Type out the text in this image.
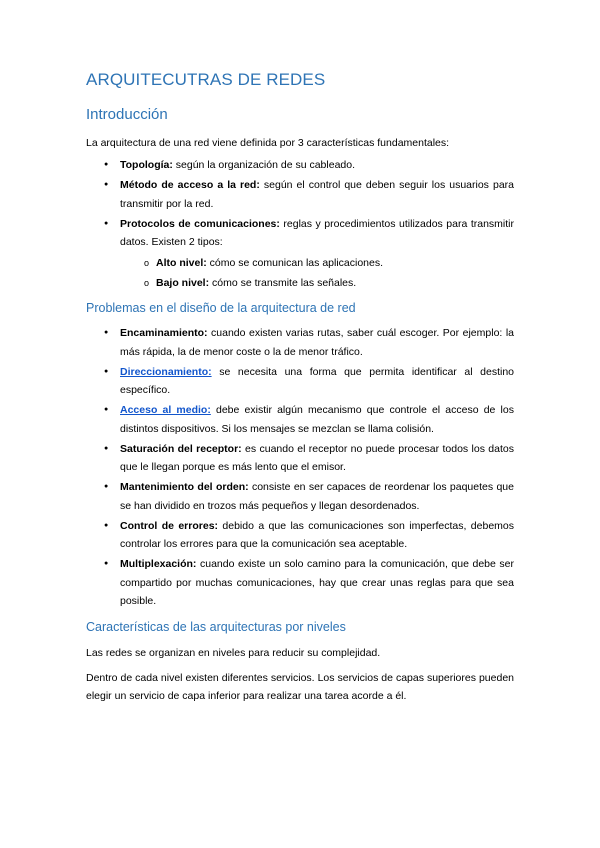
ARQUITECUTRAS DE REDES
Introducción

La arquitectura de una red viene definida por 3 características fundamentales:

● Topología: según la organización de su cableado.
● Método de acceso a la red: según el control que deben seguir los usuarios para transmitir por la red.
● Protocolos de comunicaciones: reglas y procedimientos utilizados para transmitir datos. Existen 2 tipos:
o Alto nivel: cómo se comunican las aplicaciones.
o Bajo nivel: cómo se transmite las señales.
Problemas en el diseño de la arquitectura de red
● Encaminamiento: cuando existen varias rutas, saber cuál escoger. Por ejemplo: la más rápida, la de menor coste o la de menor tráfico.
● Direccionamiento: se necesita una forma que permita identificar al destino específico.
● Acceso al medio: debe existir algún mecanismo que controle el acceso de los distintos dispositivos. Si los mensajes se mezclan se llama colisión.
● Saturación del receptor: es cuando el receptor no puede procesar todos los datos que le llegan porque es más lento que el emisor.
● Mantenimiento del orden: consiste en ser capaces de reordenar los paquetes que se han dividido en trozos más pequeños y llegan desordenados.
● Control de errores: debido a que las comunicaciones son imperfectas, debemos controlar los errores para que la comunicación sea aceptable.
● Multiplexación: cuando existe un solo camino para la comunicación, que debe ser compartido por muchas comunicaciones, hay que crear unas reglas para que sea posible.
Características de las arquitecturas por niveles

Las redes se organizan en niveles para reducir su complejidad.

Dentro de cada nivel existen diferentes servicios. Los servicios de capas superiores pueden elegir un servicio de capa inferior para realizar una tarea acorde a él.
